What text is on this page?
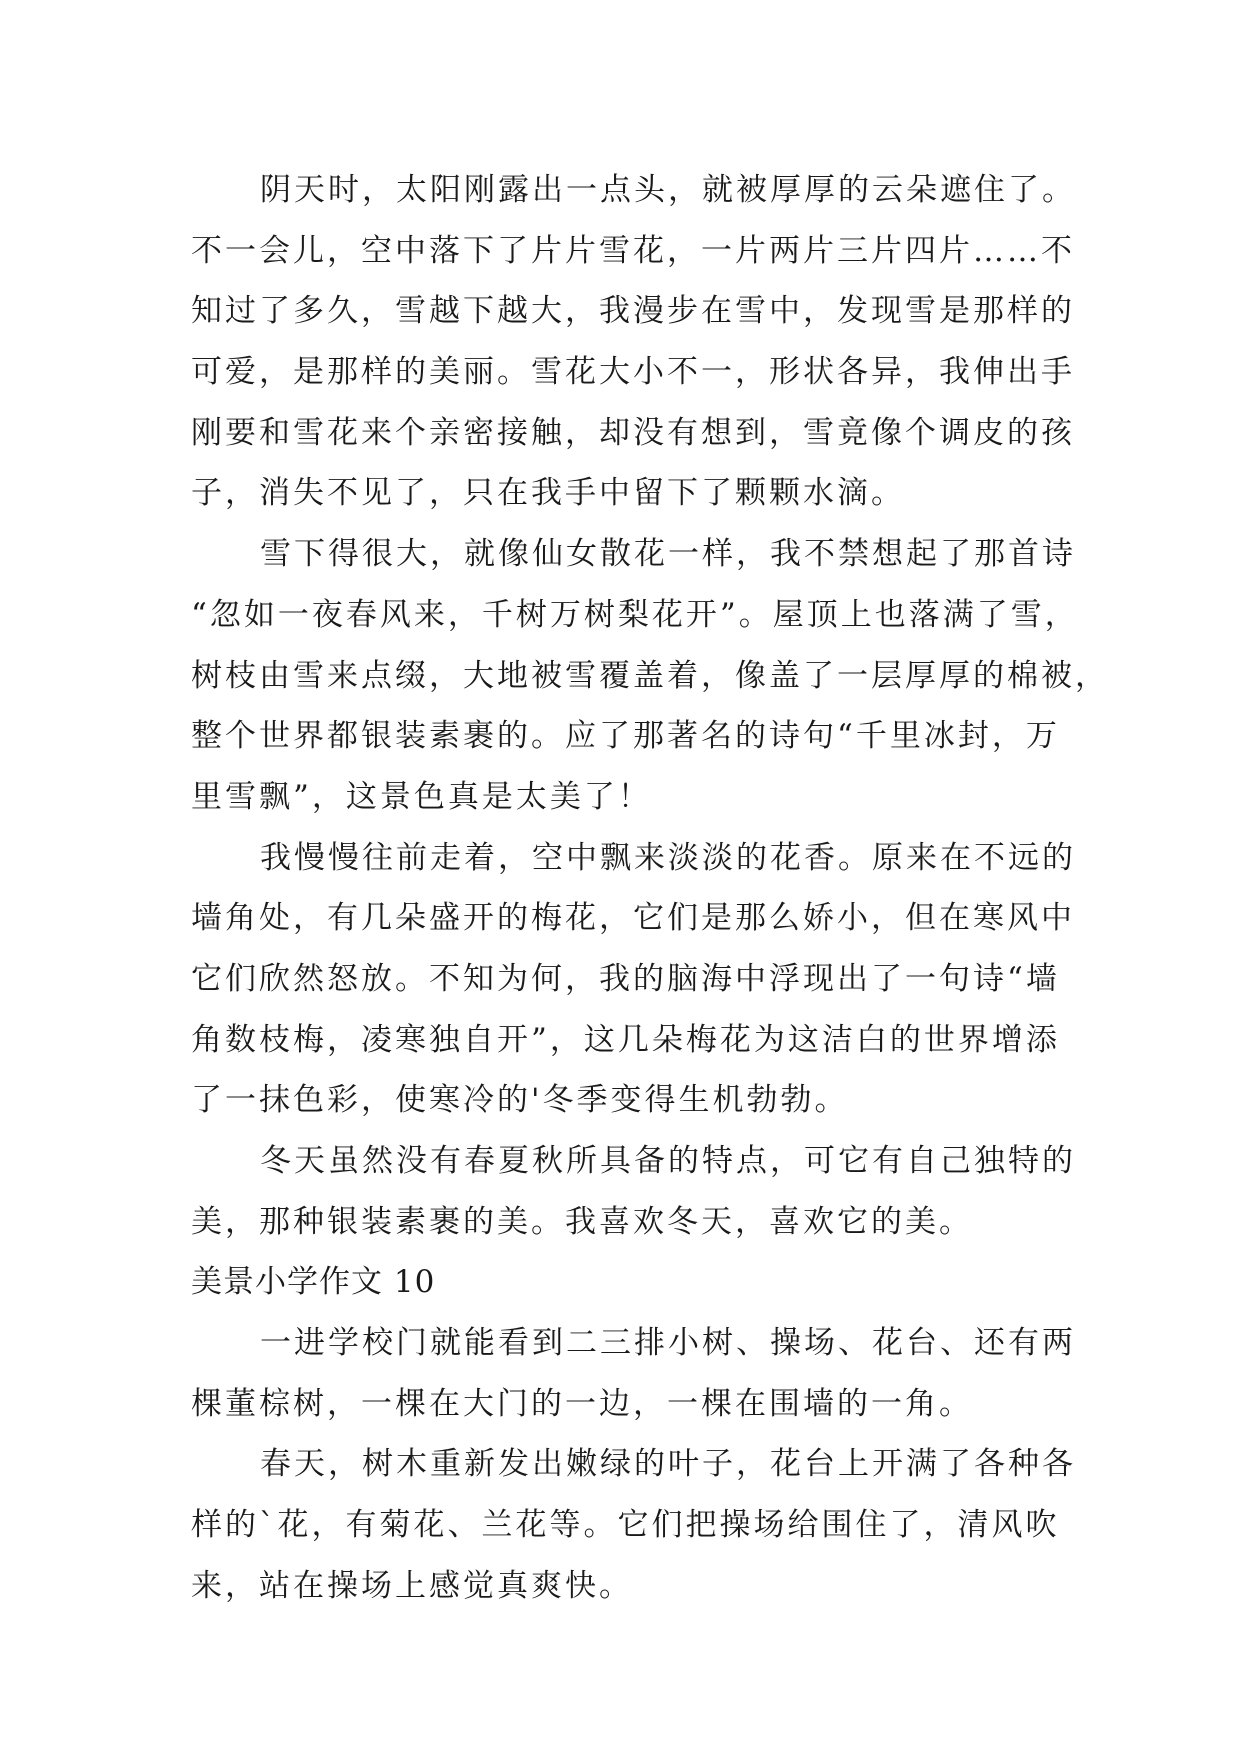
阴天时，太阳刚露出一点头，就被厚厚的云朵遮住了。
不一会儿，空中落下了片片雪花，一片两片三片四片……不
知过了多久，雪越下越大，我漫步在雪中，发现雪是那样的
可爱，是那样的美丽。雪花大小不一，形状各异，我伸出手
刚要和雪花来个亲密接触，却没有想到，雪竟像个调皮的孩
子，消失不见了，只在我手中留下了颗颗水滴。
雪下得很大，就像仙女散花一样，我不禁想起了那首诗
“忽如一夜春风来，千树万树梨花开”。屋顶上也落满了雪，
树枝由雪来点缀，大地被雪覆盖着，像盖了一层厚厚的棉被，
整个世界都银装素裹的。应了那著名的诗句“千里冰封，万
里雪飘”，这景色真是太美了！
我慢慢往前走着，空中飘来淡淡的花香。原来在不远的
墙角处，有几朵盛开的梅花，它们是那么娇小，但在寒风中
它们欣然怒放。不知为何，我的脑海中浮现出了一句诗“墙
角数枝梅，凌寒独自开”，这几朵梅花为这洁白的世界增添
了一抹色彩，使寒冷的'冬季变得生机勃勃。
冬天虽然没有春夏秋所具备的特点，可它有自己独特的
美，那种银装素裹的美。我喜欢冬天，喜欢它的美。
美景小学作文 10
一进学校门就能看到二三排小树、操场、花台、还有两
棵董棕树，一棵在大门的一边，一棵在围墙的一角。
春天，树木重新发出嫩绿的叶子，花台上开满了各种各
样的`花，有菊花、兰花等。它们把操场给围住了，清风吹
来，站在操场上感觉真爽快。
